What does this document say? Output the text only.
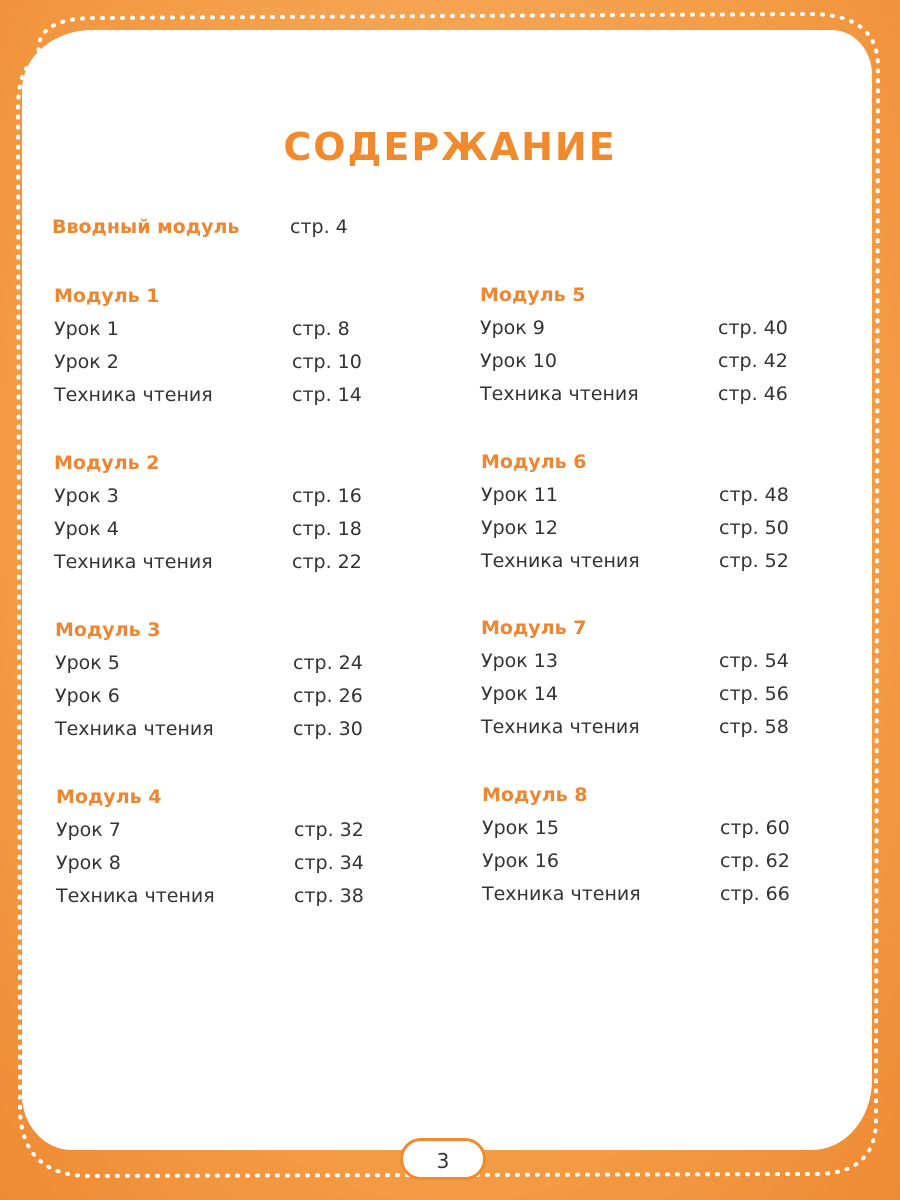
СОДЕРЖАНИЕ
Вводный модуль	стр. 4
Модуль 1
Урок 1	стр. 8
Урок 2	стр. 10
Техника чтения	стр. 14
Модуль 2
Урок 3	стр. 16
Урок 4	стр. 18
Техника чтения	стр. 22
Модуль 3
Урок 5	стр. 24
Урок 6	стр. 26
Техника чтения	стр. 30
Модуль 4
Урок 7	стр. 32
Урок 8	стр. 34
Техника чтения	стр. 38
Модуль 5
Урок 9	стр. 40
Урок 10	стр. 42
Техника чтения	стр. 46
Модуль 6
Урок 11	стр. 48
Урок 12	стр. 50
Техника чтения	стр. 52
Модуль 7
Урок 13	стр. 54
Урок 14	стр. 56
Техника чтения	стр. 58
Модуль 8
Урок 15	стр. 60
Урок 16	стр. 62
Техника чтения	стр. 66
3
